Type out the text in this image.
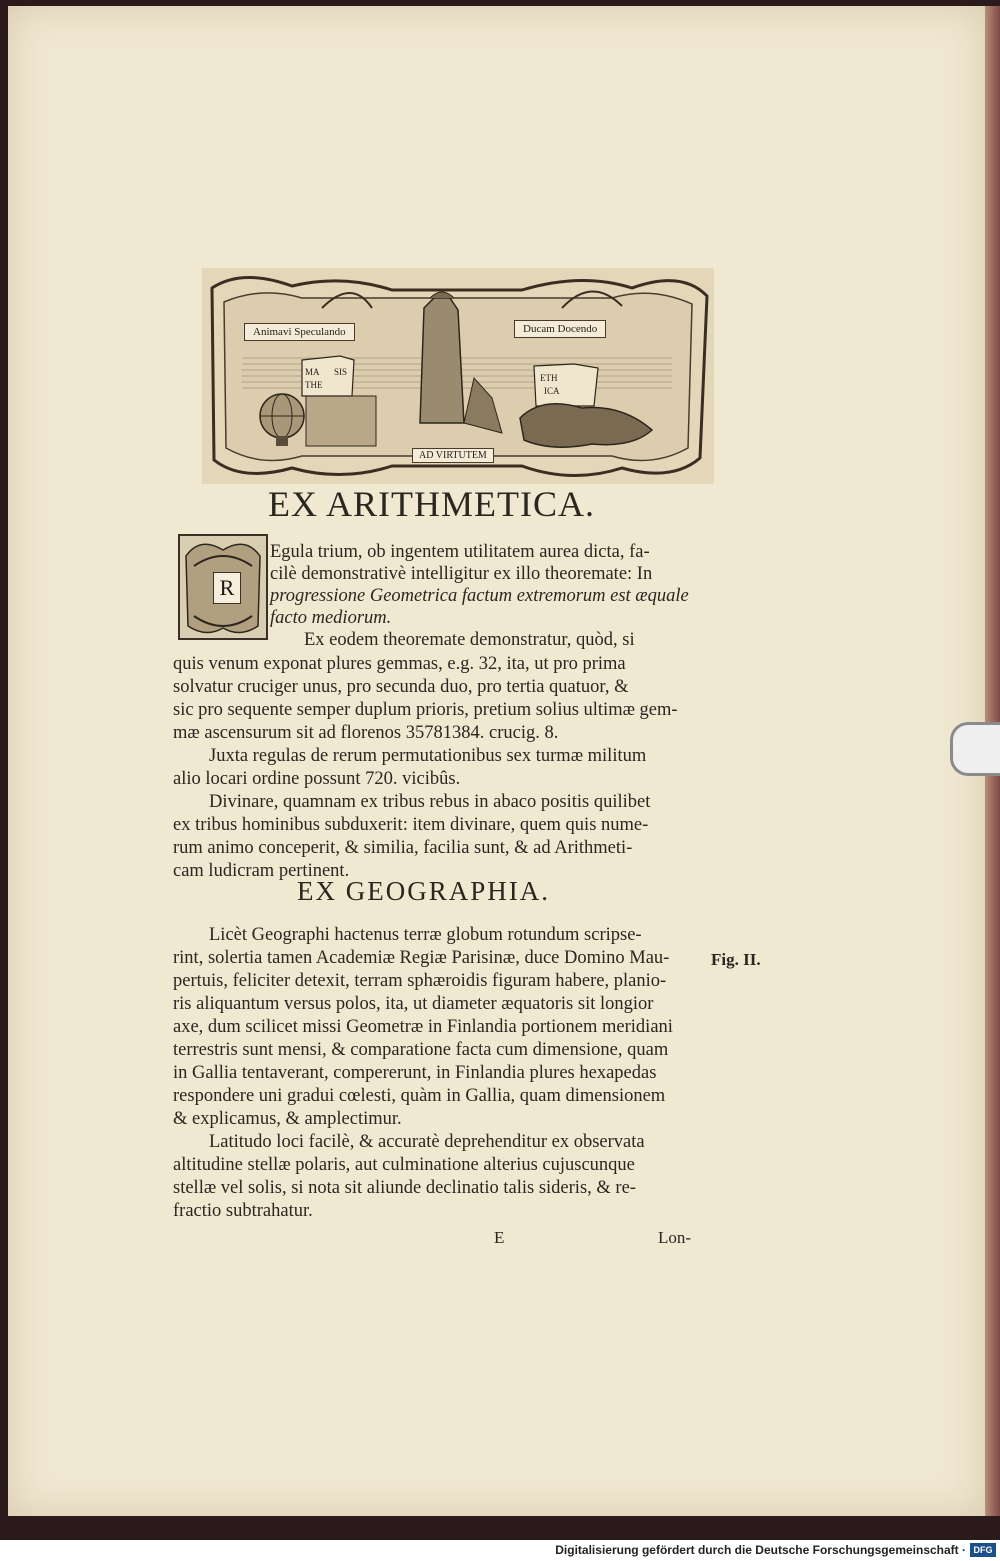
Animavi Speculando	Ducam Docendo
AD VIRTUTEM
MA SIS
THE
ETH
ICA
EX ARITHMETICA.
R
Egula trium, ob ingentem utilitatem aurea dicta, fa-
cilè demonstrativè intelligitur ex illo theoremate: In
progressione Geometrica factum extremorum est æquale
facto mediorum.
Ex eodem theoremate demonstratur, quòd, si
quis venum exponat plures gemmas, e.g. 32, ita, ut pro prima
solvatur cruciger unus, pro secunda duo, pro tertia quatuor, &
sic pro sequente semper duplum prioris, pretium solius ultimæ gem-
mæ ascensurum sit ad florenos 35781384. crucig. 8.
Juxta regulas de rerum permutationibus sex turmæ militum
alio locari ordine possunt 720. vicibûs.
Divinare, quamnam ex tribus rebus in abaco positis quilibet
ex tribus hominibus subduxerit: item divinare, quem quis nume-
rum animo conceperit, & similia, facilia sunt, & ad Arithmeti-
cam ludicram pertinent.
EX GEOGRAPHIA.
Licèt Geographi hactenus terræ globum rotundum scripse-
rint, solertia tamen Academiæ Regiæ Parisinæ, duce Domino Mau-
pertuis, feliciter detexit, terram sphæroidis figuram habere, planio-
ris aliquantum versus polos, ita, ut diameter æquatoris sit longior
axe, dum scilicet missi Geometræ in Finlandia portionem meridiani
terrestris sunt mensi, & comparatione facta cum dimensione, quam
in Gallia tentaverant, compererunt, in Finlandia plures hexapedas
respondere uni gradui cœlesti, quàm in Gallia, quam dimensionem
& explicamus, & amplectimur.
Latitudo loci facilè, & accuratè deprehenditur ex observata
altitudine stellæ polaris, aut culminatione alterius cujuscunque
stellæ vel solis, si nota sit aliunde declinatio talis sideris, & re-
fractio subtrahatur.
Fig. II.
E	Lon-
Digitalisierung gefördert durch die Deutsche Forschungsgemeinschaft · DFG
